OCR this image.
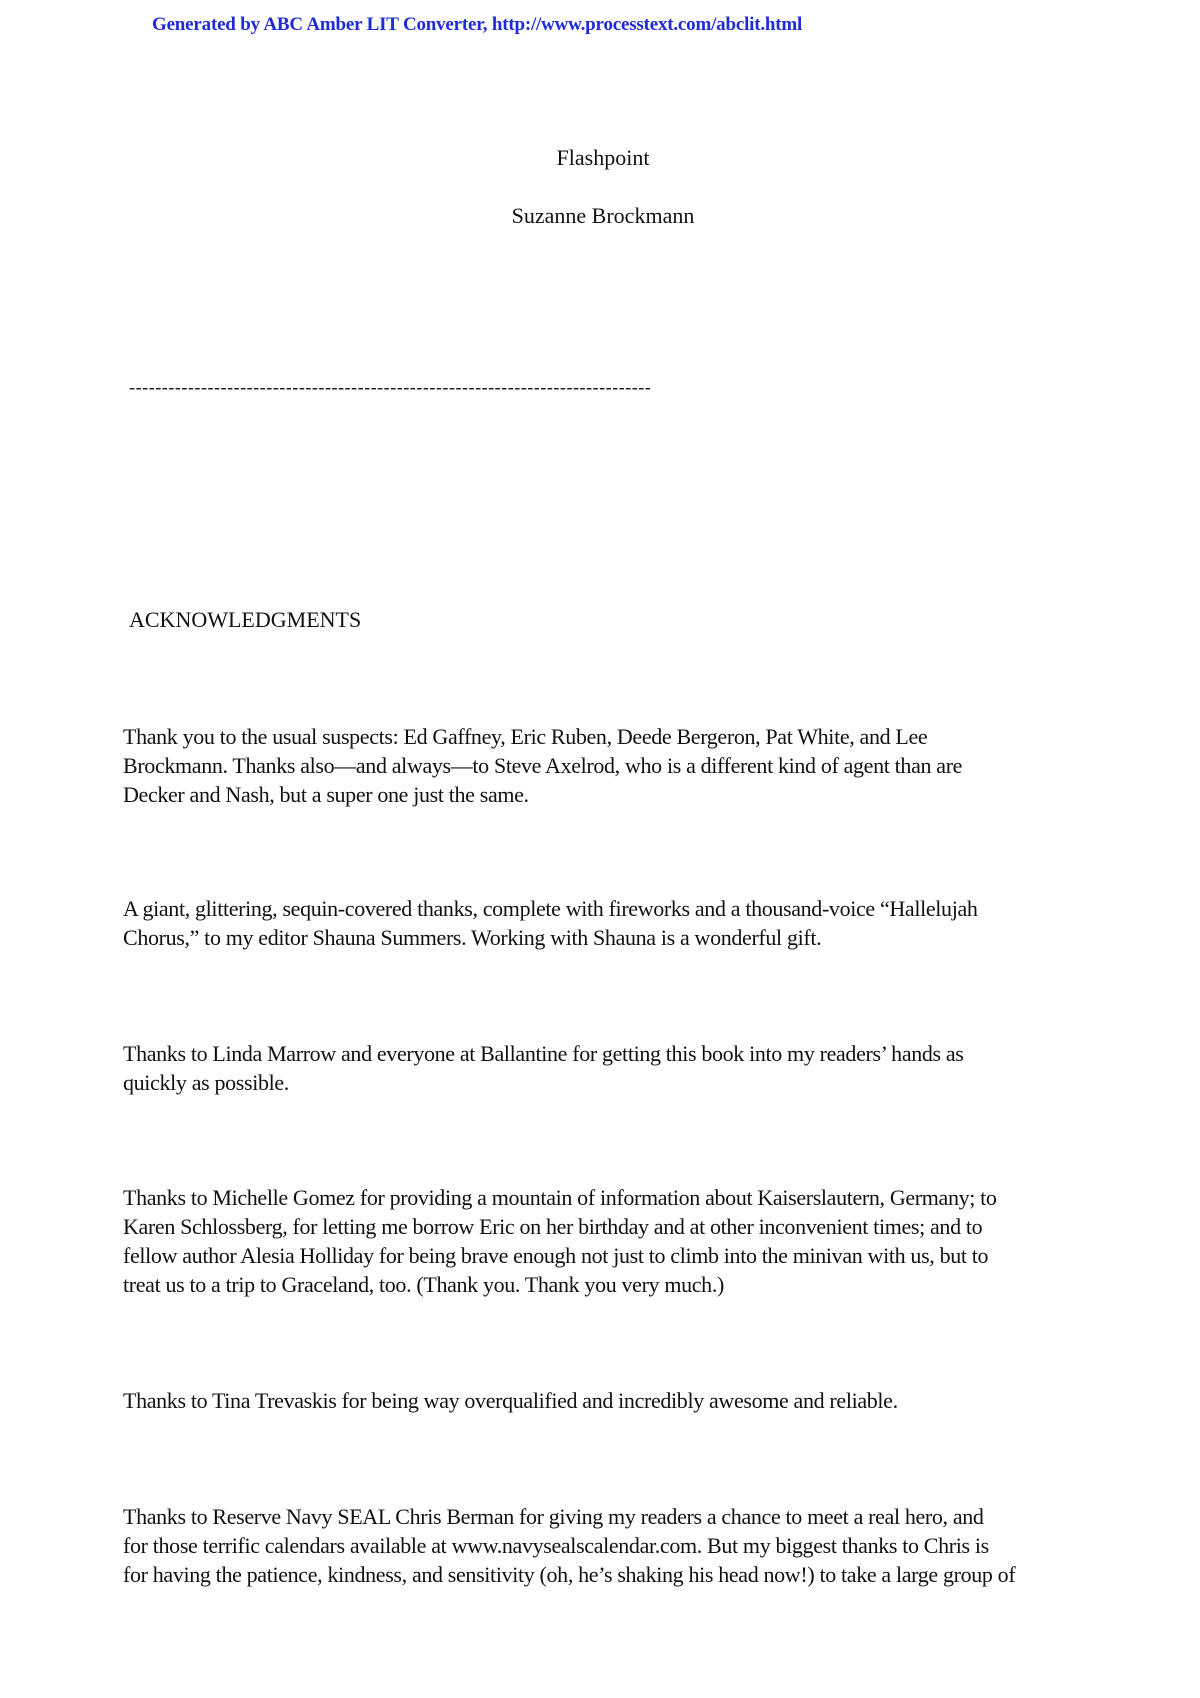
Generated by ABC Amber LIT Converter, http://www.processtext.com/abclit.html
Flashpoint
Suzanne Brockmann
--------------------------------------------------------------------------------
ACKNOWLEDGMENTS

Thank you to the usual suspects: Ed Gaffney, Eric Ruben, Deede Bergeron, Pat White, and Lee
Brockmann. Thanks also—and always—to Steve Axelrod, who is a different kind of agent than are
Decker and Nash, but a super one just the same.

A giant, glittering, sequin-covered thanks, complete with fireworks and a thousand-voice “Hallelujah
Chorus,” to my editor Shauna Summers. Working with Shauna is a wonderful gift.

Thanks to Linda Marrow and everyone at Ballantine for getting this book into my readers’ hands as
quickly as possible.

Thanks to Michelle Gomez for providing a mountain of information about Kaiserslautern, Germany; to
Karen Schlossberg, for letting me borrow Eric on her birthday and at other inconvenient times; and to
fellow author Alesia Holliday for being brave enough not just to climb into the minivan with us, but to
treat us to a trip to Graceland, too. (Thank you. Thank you very much.)

Thanks to Tina Trevaskis for being way overqualified and incredibly awesome and reliable.

Thanks to Reserve Navy SEAL Chris Berman for giving my readers a chance to meet a real hero, and
for those terrific calendars available at www.navysealscalendar.com. But my biggest thanks to Chris is
for having the patience, kindness, and sensitivity (oh, he’s shaking his head now!) to take a large group of
